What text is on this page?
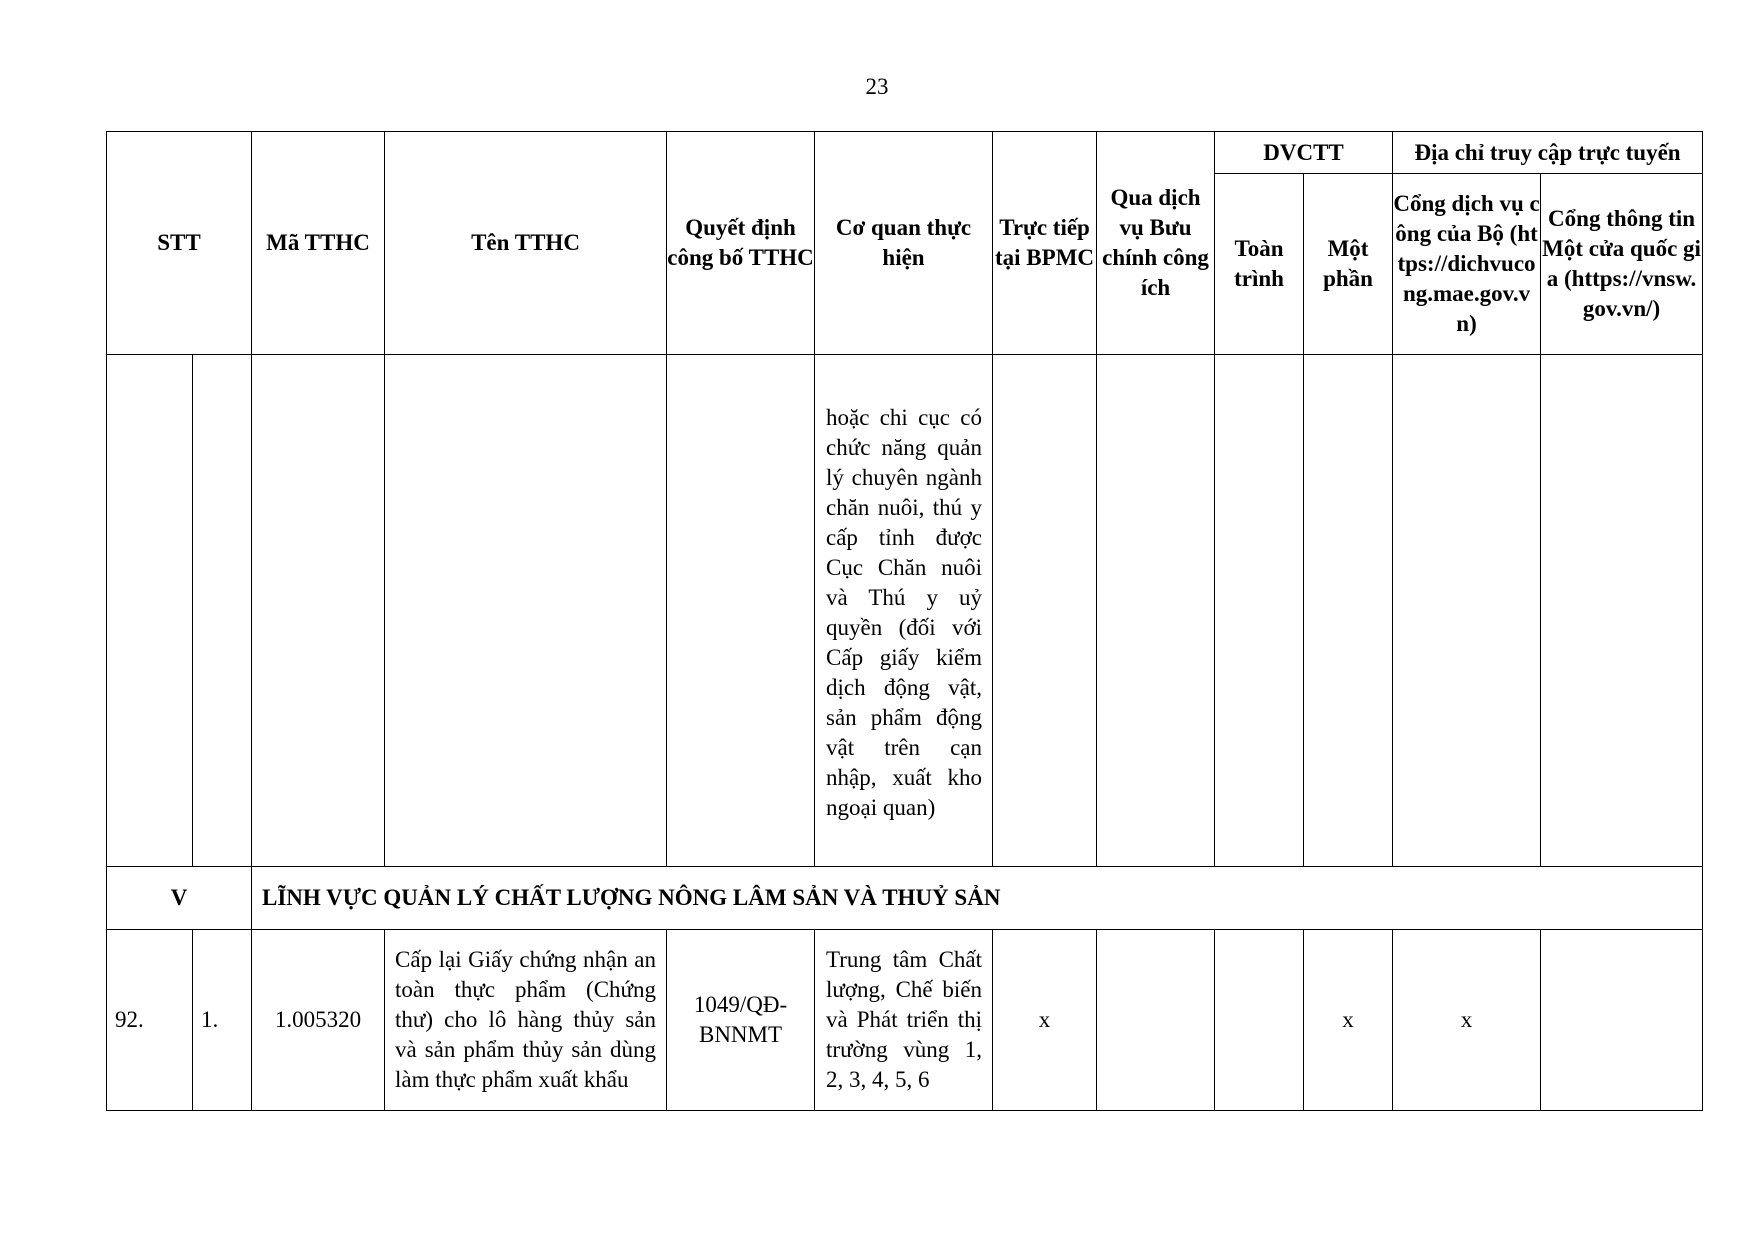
23
STT		Mã TTHC	Tên TTHC	Quyết định công bố TTHC	Cơ quan thực hiện	Trực tiếp tại BPMC	Qua dịch vụ Bưu chính công ích	DVCTT		Địa chỉ truy cập trực tuyến	
								Toàn trình	Một phần	Cổng dịch vụ công của Bộ (https://dichvucong.mae.gov.vn)	Cổng thông tin Một cửa quốc gia (https://vnsw.gov.vn/)
					hoặc chi cục có chức năng quản lý chuyên ngành chăn nuôi, thú y cấp tỉnh được Cục Chăn nuôi và Thú y uỷ quyền (đối với Cấp giấy kiểm dịch động vật, sản phẩm động vật trên cạn nhập, xuất kho ngoại quan)						
V		LĨNH VỰC QUẢN LÝ CHẤT LƯỢNG NÔNG LÂM SẢN VÀ THUỶ SẢN									
92.	1.	1.005320	Cấp lại Giấy chứng nhận an toàn thực phẩm (Chứng thư) cho lô hàng thủy sản và sản phẩm thủy sản dùng làm thực phẩm xuất khẩu	1049/QĐ-BNNMT	Trung tâm Chất lượng, Chế biến và Phát triển thị trường vùng 1, 2, 3, 4, 5, 6	x			x	x	
